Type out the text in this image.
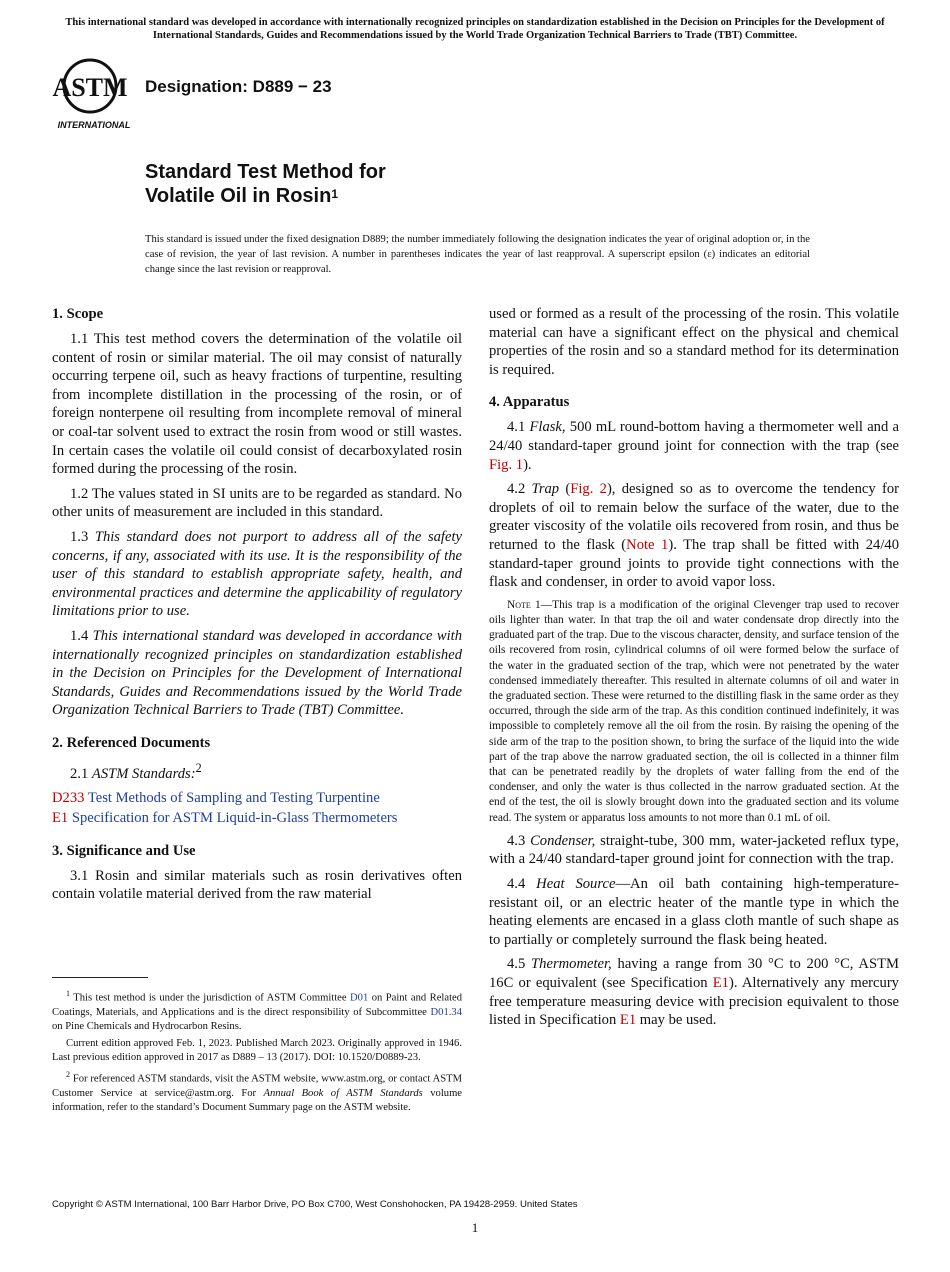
This international standard was developed in accordance with internationally recognized principles on standardization established in the Decision on Principles for the Development of International Standards, Guides and Recommendations issued by the World Trade Organization Technical Barriers to Trade (TBT) Committee.
ASTM
INTERNATIONAL
Designation: D889 − 23
Standard Test Method for
Volatile Oil in Rosin$^1$
This standard is issued under the fixed designation D889; the number immediately following the designation indicates the year of original adoption or, in the case of revision, the year of last revision. A number in parentheses indicates the year of last reapproval. A superscript epsilon (ε) indicates an editorial change since the last revision or reapproval.
1. Scope

1.1 This test method covers the determination of the volatile oil content of rosin or similar material. The oil may consist of naturally occurring terpene oil, such as heavy fractions of turpentine, resulting from incomplete distillation in the processing of the rosin, or of foreign nonterpene oil resulting from incomplete removal of mineral or coal-tar solvent used to extract the rosin from wood or still wastes. In certain cases the volatile oil could consist of decarboxylated rosin formed during the processing of the rosin.

1.2 The values stated in SI units are to be regarded as standard. No other units of measurement are included in this standard.

1.3 This standard does not purport to address all of the safety concerns, if any, associated with its use. It is the responsibility of the user of this standard to establish appropriate safety, health, and environmental practices and determine the applicability of regulatory limitations prior to use.

1.4 This international standard was developed in accordance with internationally recognized principles on standardization established in the Decision on Principles for the Development of International Standards, Guides and Recommendations issued by the World Trade Organization Technical Barriers to Trade (TBT) Committee.

2. Referenced Documents

2.1 ASTM Standards:$^2$

D233 Test Methods of Sampling and Testing Turpentine
E1 Specification for ASTM Liquid-in-Glass Thermometers
3. Significance and Use

3.1 Rosin and similar materials such as rosin derivatives often contain volatile material derived from the raw material

$^1$ This test method is under the jurisdiction of ASTM Committee D01 on Paint and Related Coatings, Materials, and Applications and is the direct responsibility of Subcommittee D01.34 on Pine Chemicals and Hydrocarbon Resins.

Current edition approved Feb. 1, 2023. Published March 2023. Originally approved in 1946. Last previous edition approved in 2017 as D889 – 13 (2017). DOI: 10.1520/D0889-23.

$^2$ For referenced ASTM standards, visit the ASTM website, www.astm.org, or contact ASTM Customer Service at service@astm.org. For Annual Book of ASTM Standards volume information, refer to the standard’s Document Summary page on the ASTM website.

used or formed as a result of the processing of the rosin. This volatile material can have a significant effect on the physical and chemical properties of the rosin and so a standard method for its determination is required.

4. Apparatus

4.1 Flask, 500 mL round-bottom having a thermometer well and a 24/40 standard-taper ground joint for connection with the trap (see Fig. 1).

4.2 Trap (Fig. 2), designed so as to overcome the tendency for droplets of oil to remain below the surface of the water, due to the greater viscosity of the volatile oils recovered from rosin, and thus be returned to the flask (Note 1). The trap shall be fitted with 24/40 standard-taper ground joints to provide tight connections with the flask and condenser, in order to avoid vapor loss.

Note 1—This trap is a modification of the original Clevenger trap used to recover oils lighter than water. In that trap the oil and water condensate drop directly into the graduated part of the trap. Due to the viscous character, density, and surface tension of the oils recovered from rosin, cylindrical columns of oil were formed below the surface of the water in the graduated section of the trap, which were not penetrated by the water condensed immediately thereafter. This resulted in alternate columns of oil and water in the graduated section. These were returned to the distilling flask in the same order as they occurred, through the side arm of the trap. As this condition continued indefinitely, it was impossible to completely remove all the oil from the rosin. By raising the opening of the side arm of the trap to the position shown, to bring the surface of the liquid into the wide part of the trap above the narrow graduated section, the oil is collected in a thinner film that can be penetrated readily by the droplets of water falling from the end of the condenser, and only the water is thus collected in the narrow graduated section. At the end of the test, the oil is slowly brought down into the graduated section and its volume read. The system or apparatus loss amounts to not more than 0.1 mL of oil.

4.3 Condenser, straight-tube, 300 mm, water-jacketed reflux type, with a 24/40 standard-taper ground joint for connection with the trap.

4.4 Heat Source—An oil bath containing high-temperature-resistant oil, or an electric heater of the mantle type in which the heating elements are encased in a glass cloth mantle of such shape as to partially or completely surround the flask being heated.

4.5 Thermometer, having a range from 30 °C to 200 °C, ASTM 16C or equivalent (see Specification E1). Alternatively any mercury free temperature measuring device with precision equivalent to those listed in Specification E1 may be used.

Copyright © ASTM International, 100 Barr Harbor Drive, PO Box C700, West Conshohocken, PA 19428-2959. United States
1
